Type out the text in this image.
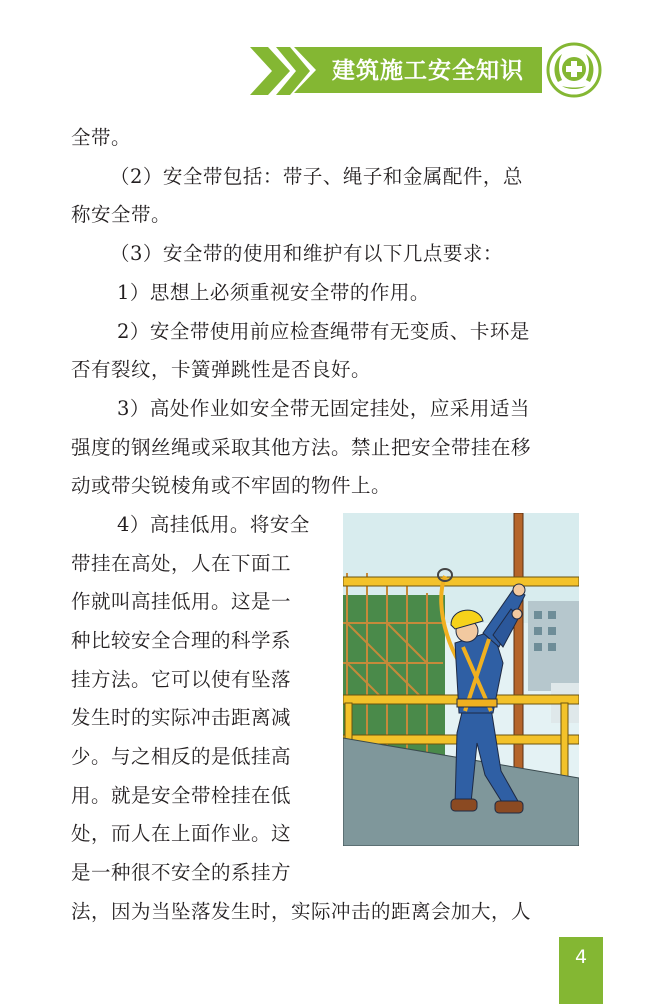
建筑施工安全知识
全带。
（2）安全带包括：带子、绳子和金属配件，总
称安全带。
（3）安全带的使用和维护有以下几点要求：
1）思想上必须重视安全带的作用。
2）安全带使用前应检查绳带有无变质、卡环是
否有裂纹，卡簧弹跳性是否良好。
3）高处作业如安全带无固定挂处，应采用适当
强度的钢丝绳或采取其他方法。禁止把安全带挂在移
动或带尖锐棱角或不牢固的物件上。
4）高挂低用。将安全
带挂在高处，人在下面工
作就叫高挂低用。这是一
种比较安全合理的科学系
挂方法。它可以使有坠落
发生时的实际冲击距离减
少。与之相反的是低挂高
用。就是安全带栓挂在低
处，而人在上面作业。这
是一种很不安全的系挂方
法，因为当坠落发生时，实际冲击的距离会加大，人
4
